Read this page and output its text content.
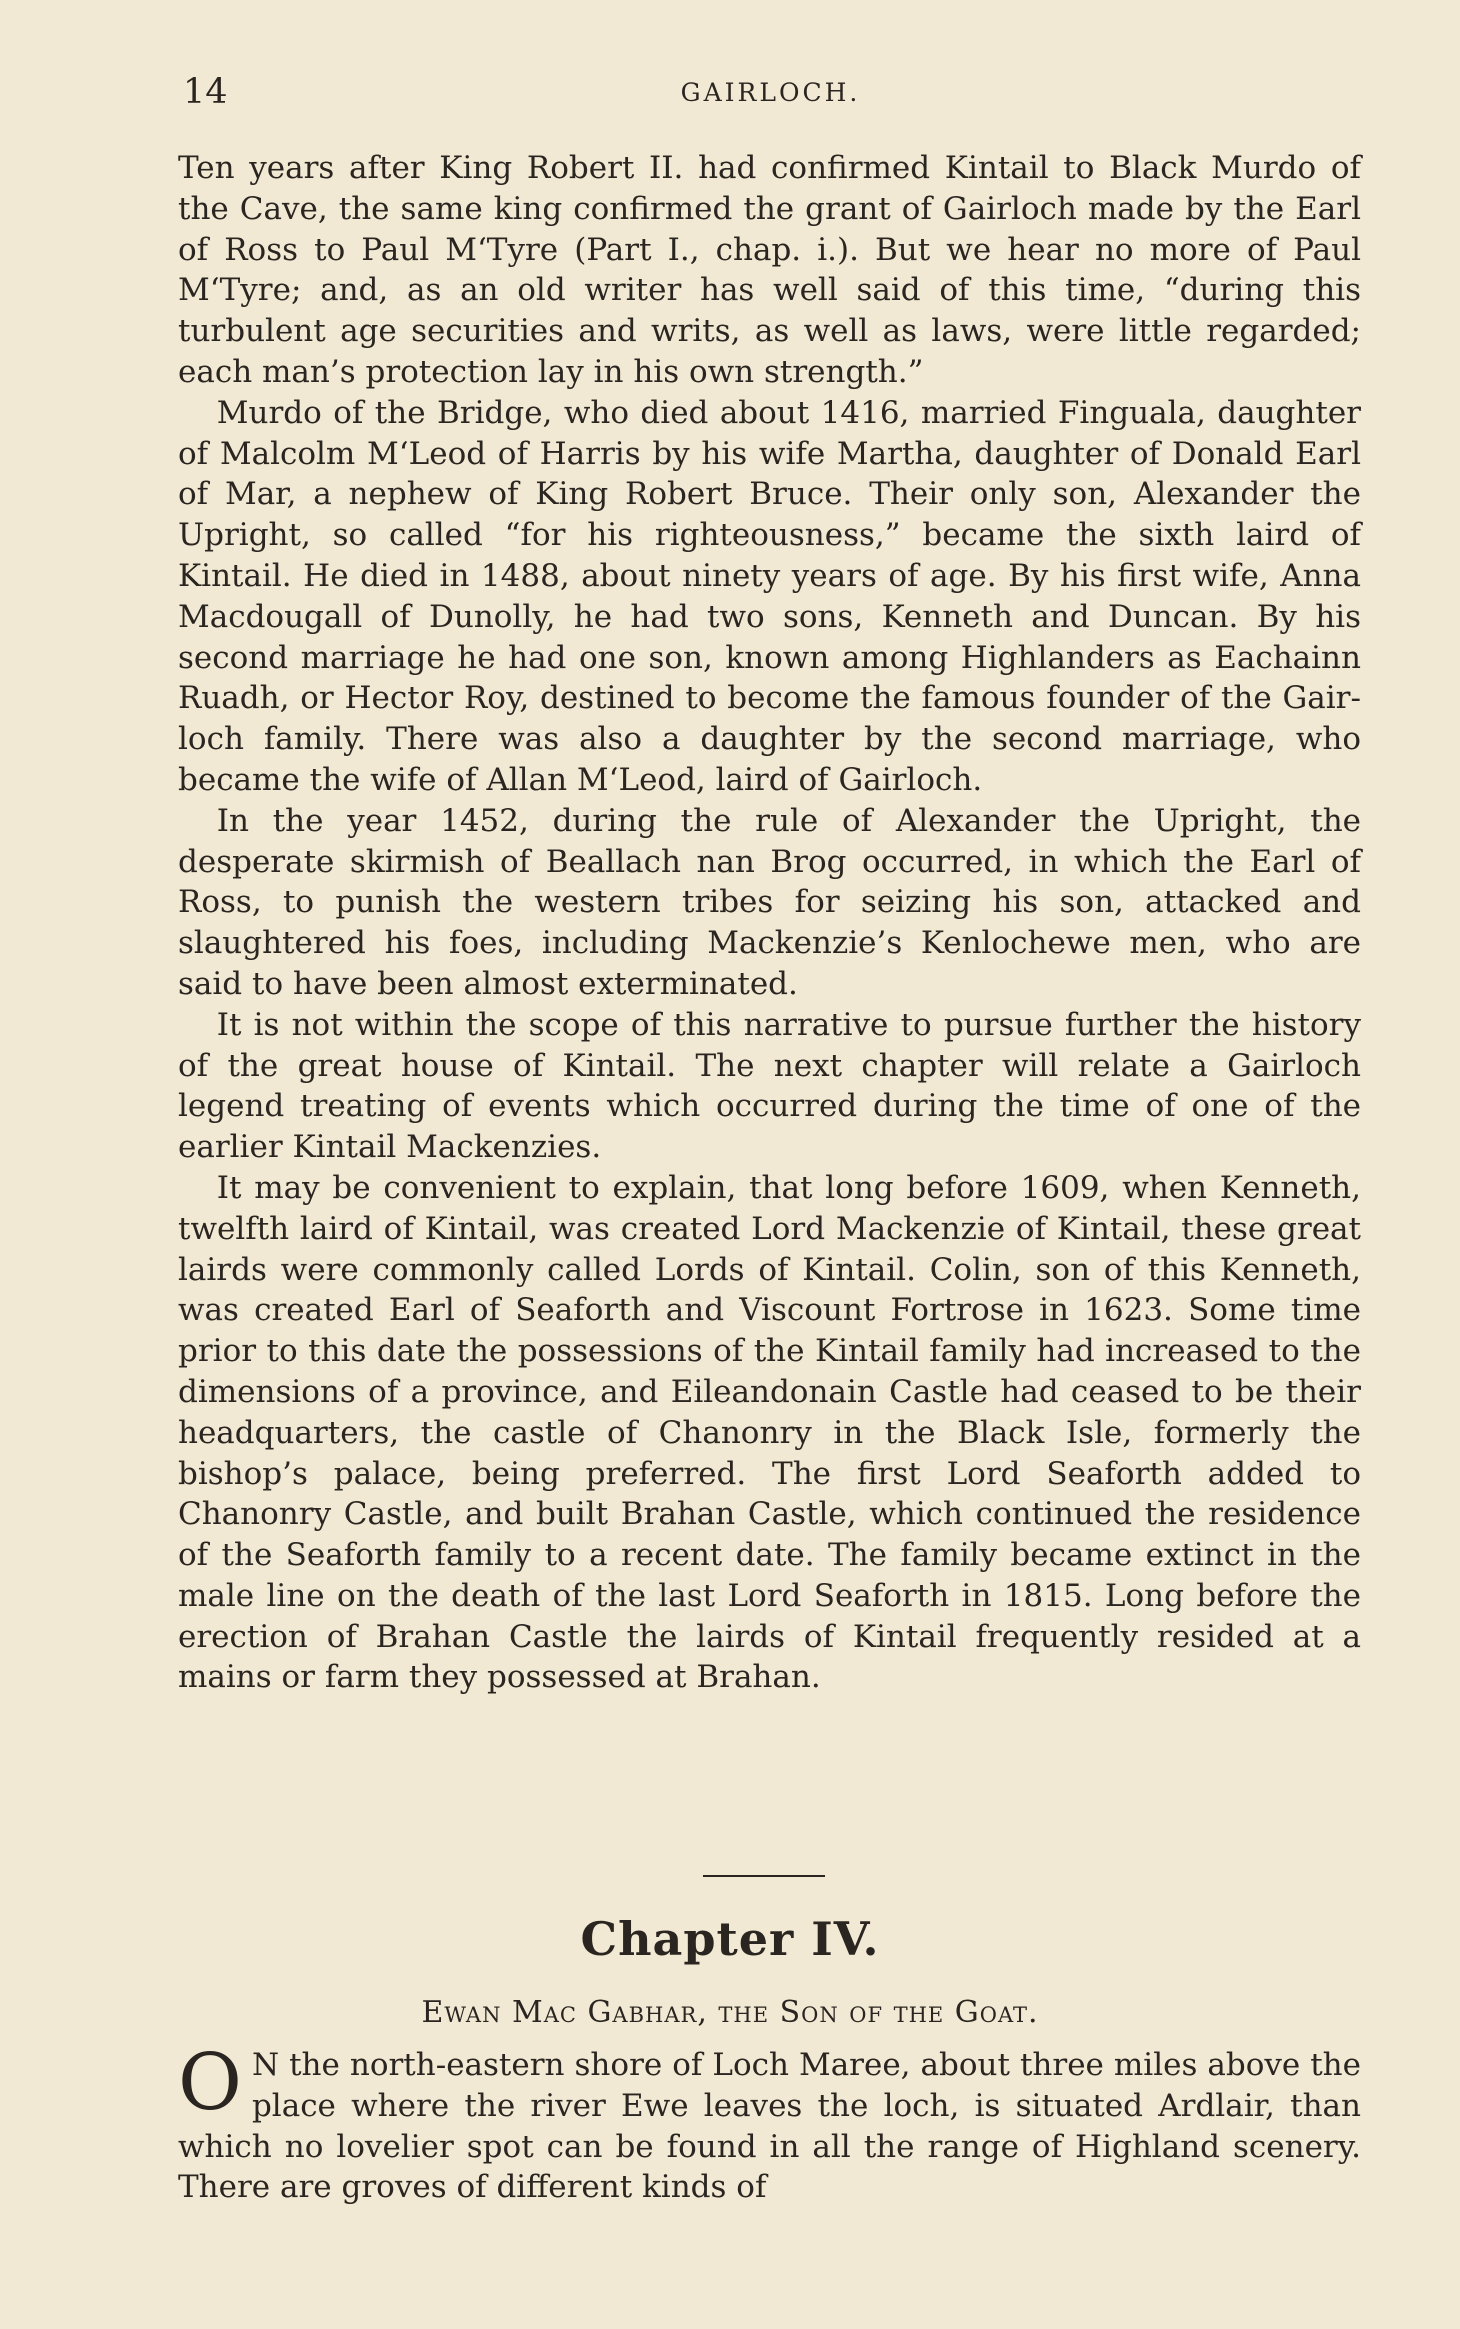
14	GAIRLOCH.

Ten years after King Robert II. had confirmed Kintail to Black Murdo of the Cave, the same king confirmed the grant of Gairloch made by the Earl of Ross to Paul M‘Tyre (Part I., chap. i.). But we hear no more of Paul M‘Tyre; and, as an old writer has well said of this time, “during this turbulent age securities and writs, as well as laws, were little regarded; each man’s protection lay in his own strength.”

Murdo of the Bridge, who died about 1416, married Finguala, daughter of Malcolm M‘Leod of Harris by his wife Martha, daughter of Donald Earl of Mar, a nephew of King Robert Bruce. Their only son, Alexander the Upright, so called “for his righteousness,” became the sixth laird of Kintail. He died in 1488, about ninety years of age. By his first wife, Anna Macdougall of Dunolly, he had two sons, Kenneth and Duncan. By his second marriage he had one son, known among Highlanders as Eachainn Ruadh, or Hector Roy, destined to become the famous founder of the Gairloch family. There was also a daughter by the second marriage, who became the wife of Allan M‘Leod, laird of Gairloch.

In the year 1452, during the rule of Alexander the Upright, the desperate skirmish of Beallach nan Brog occurred, in which the Earl of Ross, to punish the western tribes for seizing his son, attacked and slaughtered his foes, including Mackenzie’s Kenlochewe men, who are said to have been almost exterminated.

It is not within the scope of this narrative to pursue further the history of the great house of Kintail. The next chapter will relate a Gairloch legend treating of events which occurred during the time of one of the earlier Kintail Mackenzies.

It may be convenient to explain, that long before 1609, when Kenneth, twelfth laird of Kintail, was created Lord Mackenzie of Kintail, these great lairds were commonly called Lords of Kintail. Colin, son of this Kenneth, was created Earl of Seaforth and Viscount Fortrose in 1623. Some time prior to this date the possessions of the Kintail family had increased to the dimensions of a province, and Eileandonain Castle had ceased to be their headquarters, the castle of Chanonry in the Black Isle, formerly the bishop’s palace, being preferred. The first Lord Seaforth added to Chanonry Castle, and built Brahan Castle, which continued the residence of the Seaforth family to a recent date. The family became extinct in the male line on the death of the last Lord Seaforth in 1815. Long before the erection of Brahan Castle the lairds of Kintail frequently resided at a mains or farm they possessed at Brahan.

Chapter IV.
Ewan Mac Gabhar, the Son of the Goat.

O N the north-eastern shore of Loch Maree, about three miles above the place where the river Ewe leaves the loch, is situated Ardlair, than which no lovelier spot can be found in all the range of Highland scenery. There are groves of different kinds of
